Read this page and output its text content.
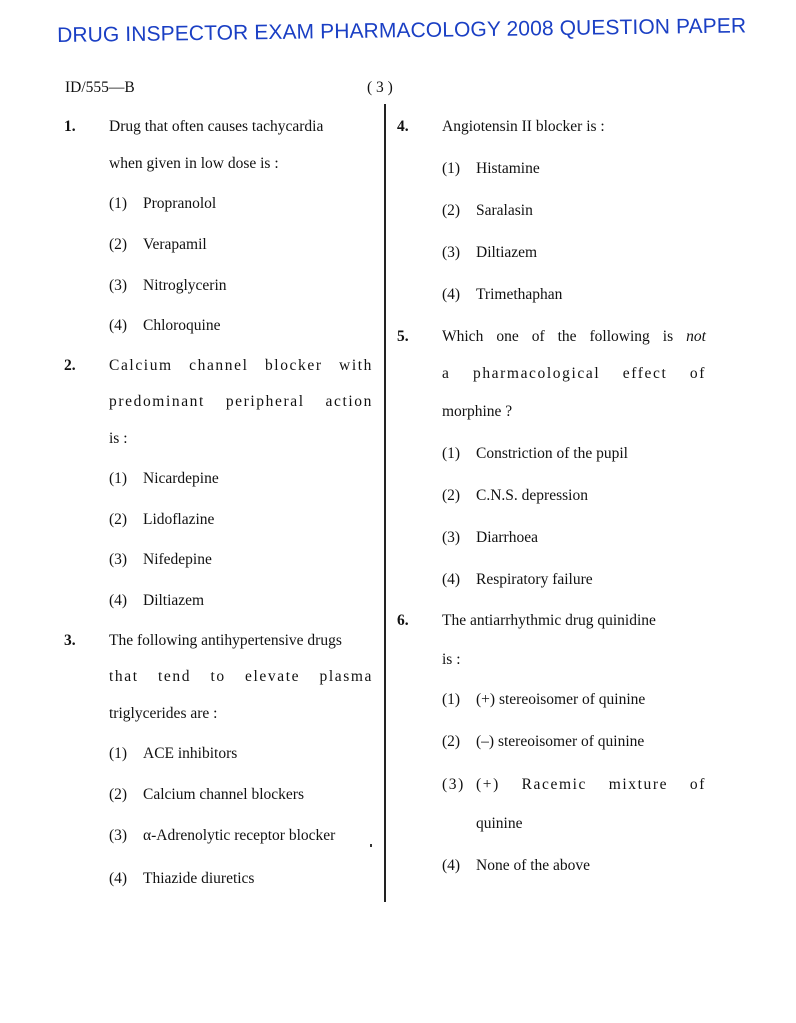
DRUG INSPECTOR EXAM PHARMACOLOGY 2008 QUESTION PAPER
ID/555—B	( 3 )
1. Drug that often causes tachycardia
when given in low dose is :
(1) Propranolol
(2) Verapamil
(3) Nitroglycerin
(4) Chloroquine
2. Calcium channel blocker with
predominant peripheral action
is :
(1) Nicardepine
(2) Lidoflazine
(3) Nifedepine
(4) Diltiazem
3. The following antihypertensive drugs
that tend to elevate plasma
triglycerides are :
(1) ACE inhibitors
(2) Calcium channel blockers
(3) α-Adrenolytic receptor blocker
(4) Thiazide diuretics
4. Angiotensin II blocker is :
(1) Histamine
(2) Saralasin
(3) Diltiazem
(4) Trimethaphan
5. Which one of the following is not
a pharmacological effect of
morphine ?
(1) Constriction of the pupil
(2) C.N.S. depression
(3) Diarrhoea
(4) Respiratory failure
6. The antiarrhythmic drug quinidine
is :
(1) (+) stereoisomer of quinine
(2) (–) stereoisomer of quinine
(3) (+) Racemic mixture of
quinine
(4) None of the above
